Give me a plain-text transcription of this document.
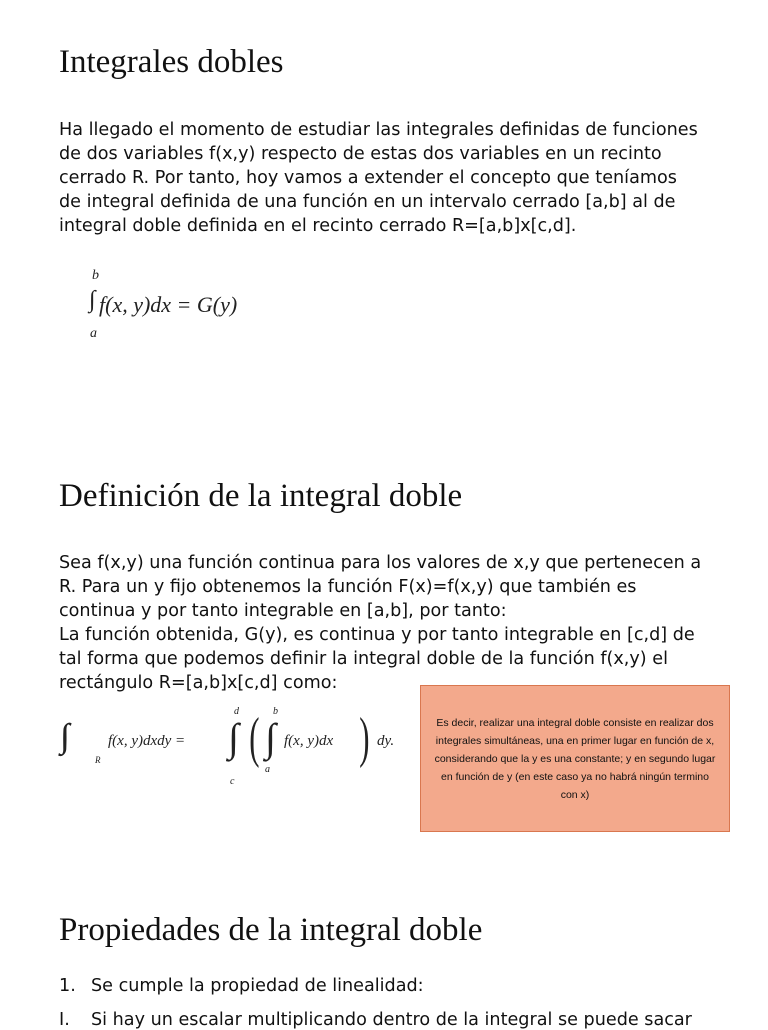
Integrales dobles
Ha llegado el momento de estudiar las integrales definidas de funciones
de dos variables f(x,y) respecto de estas dos variables en un recinto
cerrado R. Por tanto, hoy vamos a extender el concepto que teníamos
de integral definida de una función en un intervalo cerrado [a,b] al de
integral doble definida en el recinto cerrado R=[a,b]x[c,d].
b
∫ f(x, y)dx = G(y)
a
Definición de la integral doble
Sea f(x,y) una función continua para los valores de x,y que pertenecen a
R. Para un y fijo obtenemos la función F(x)=f(x,y) que también es
continua y por tanto integrable en [a,b], por tanto:
La función obtenida, G(y), es continua y por tanto integrable en [c,d] de
tal forma que podemos definir la integral doble de la función f(x,y) el
rectángulo R=[a,b]x[c,d] como:
∫∫
R
f(x, y)dxdy =
d
∫
c
( b
∫
a
f(x, y)dx ) dy.

Es decir, realizar una integral doble consiste en realizar dos integrales simultáneas, una en primer lugar en función de x, considerando que la y es una constante; y en segundo lugar en función de y (en este caso ya no habrá ningún termino con x)

Propiedades de la integral doble
1. Se cumple la propiedad de linealidad:
I. Si hay un escalar multiplicando dentro de la integral se puede sacar
